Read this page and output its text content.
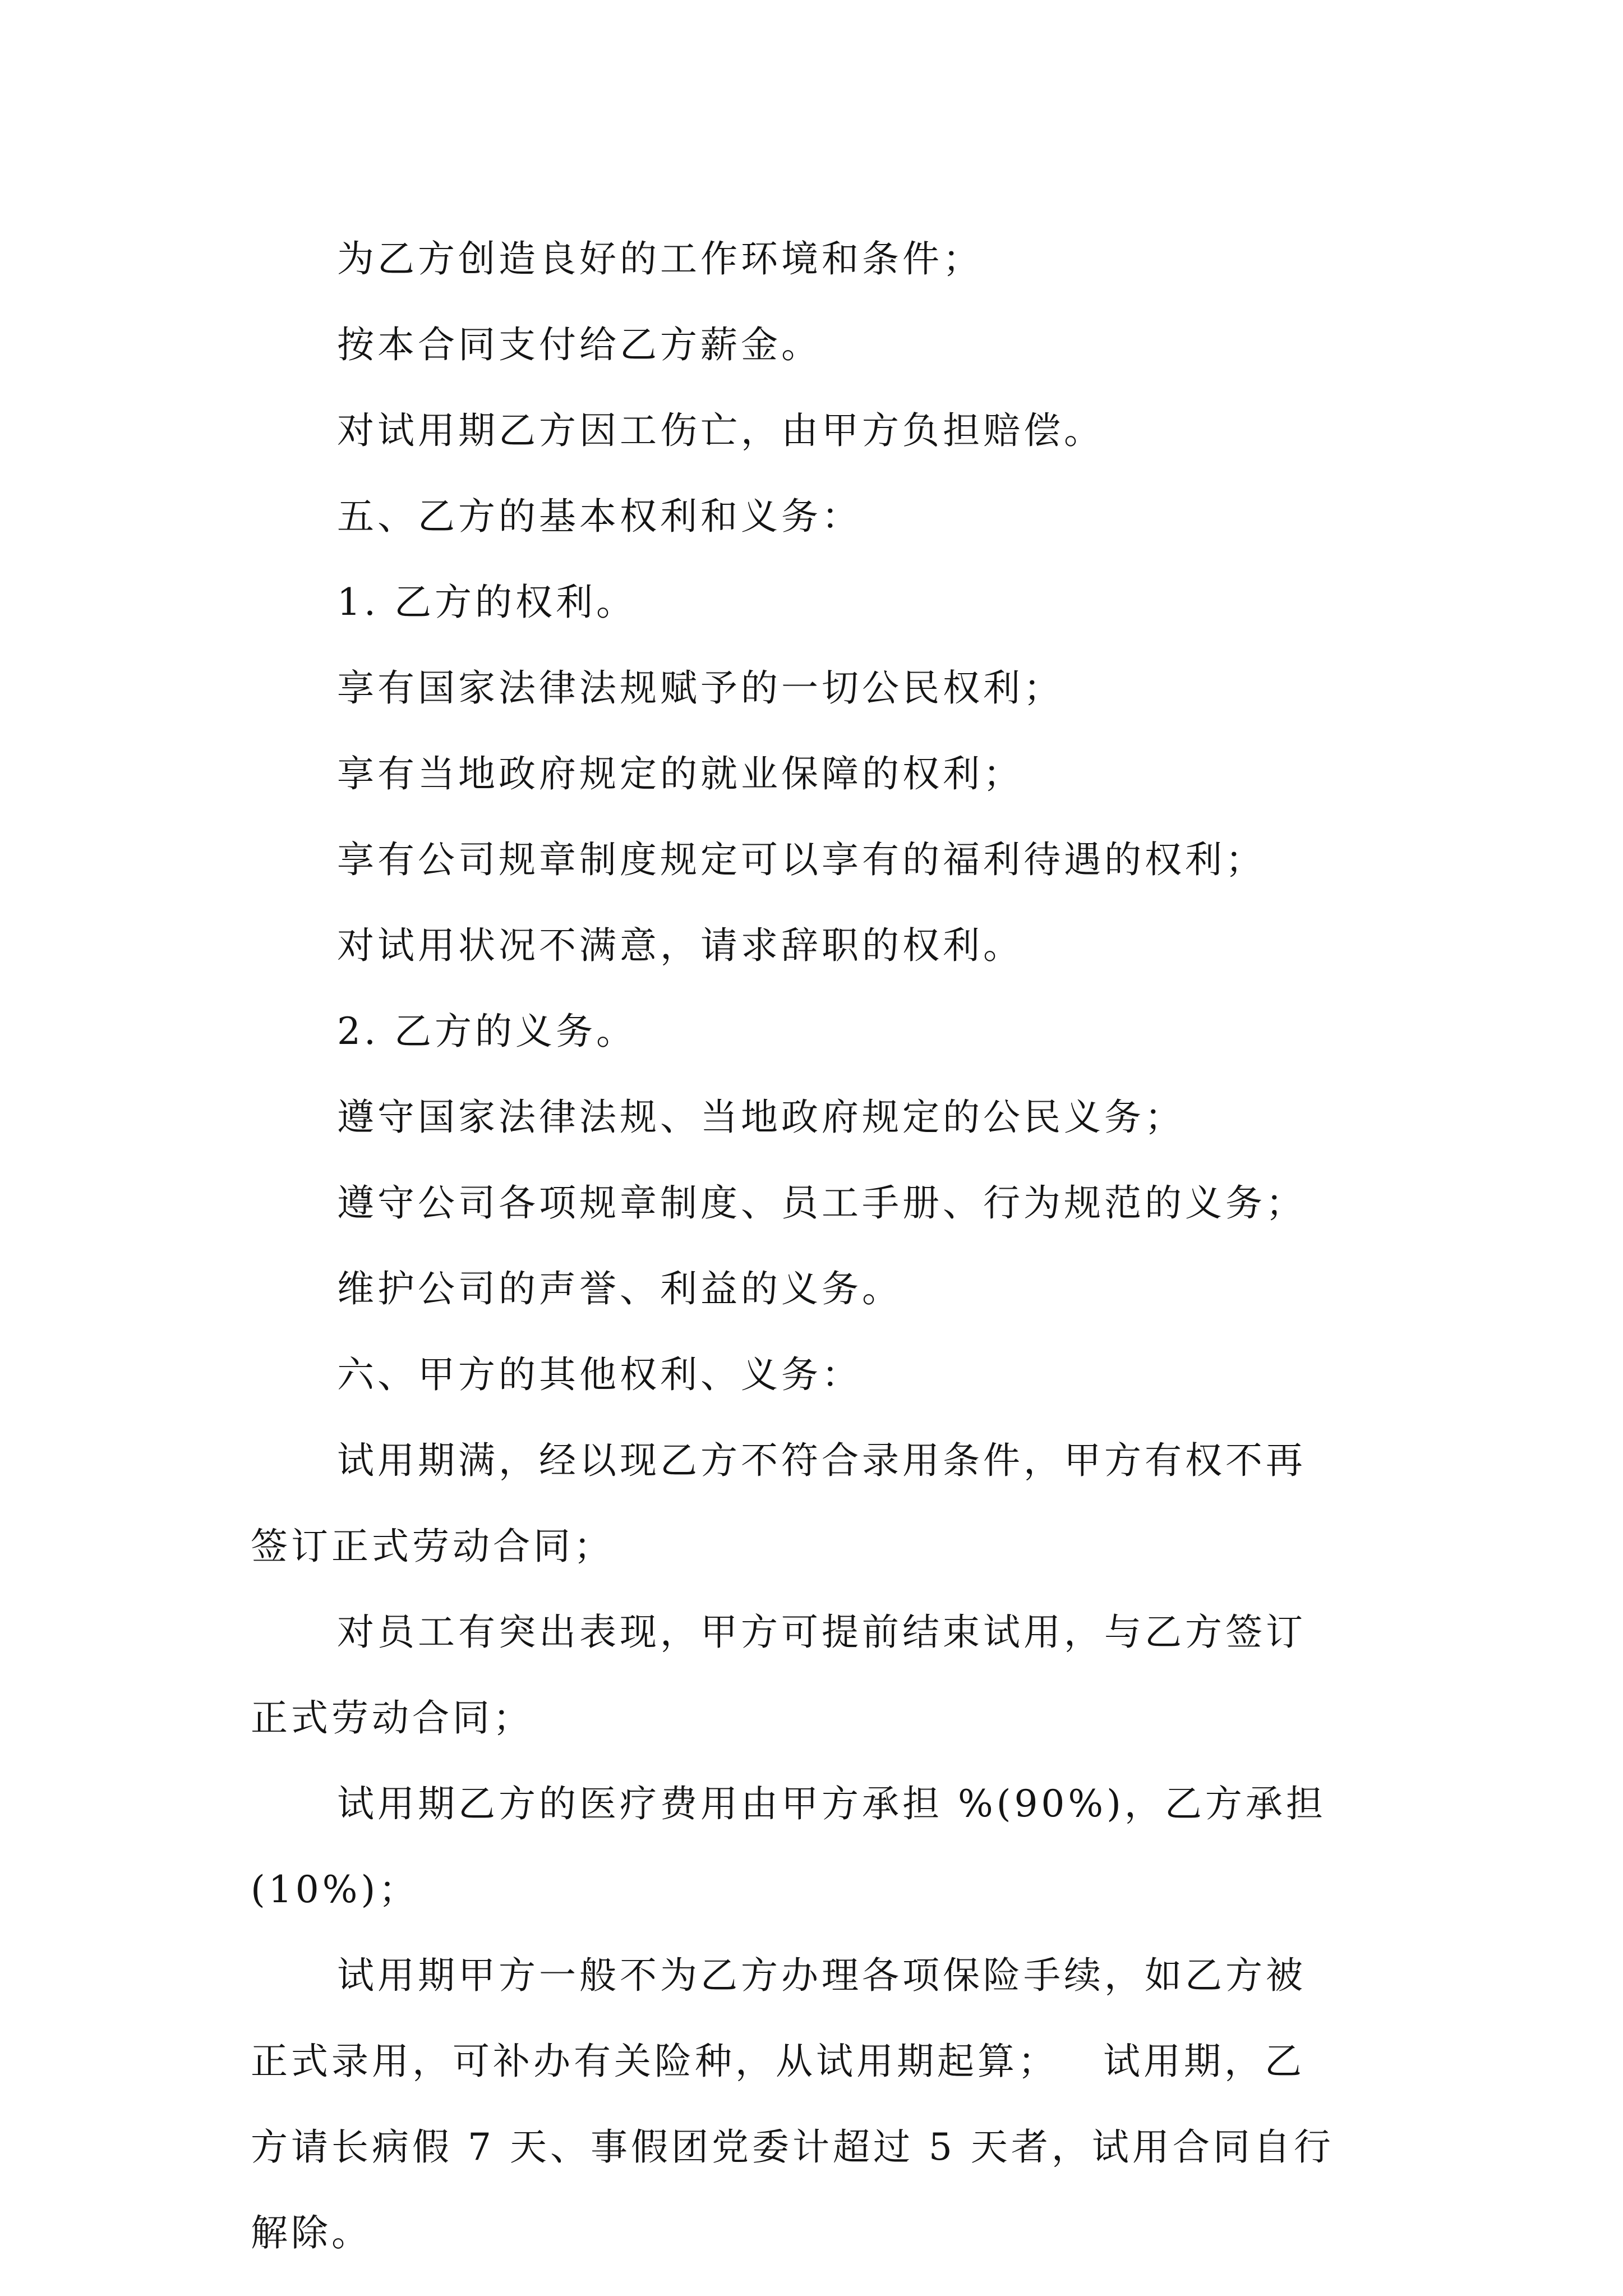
为乙方创造良好的工作环境和条件；
按本合同支付给乙方薪金。
对试用期乙方因工伤亡，由甲方负担赔偿。
五、乙方的基本权利和义务：
1. 乙方的权利。
享有国家法律法规赋予的一切公民权利；
享有当地政府规定的就业保障的权利；
享有公司规章制度规定可以享有的福利待遇的权利；
对试用状况不满意，请求辞职的权利。
2. 乙方的义务。
遵守国家法律法规、当地政府规定的公民义务；
遵守公司各项规章制度、员工手册、行为规范的义务；
维护公司的声誉、利益的义务。
六、甲方的其他权利、义务：
试用期满，经以现乙方不符合录用条件，甲方有权不再
签订正式劳动合同；
对员工有突出表现，甲方可提前结束试用，与乙方签订
正式劳动合同；
试用期乙方的医疗费用由甲方承担 %(90%)，乙方承担
(10%)；
试用期甲方一般不为乙方办理各项保险手续，如乙方被
正式录用，可补办有关险种，从试用期起算； 试用期，乙
方请长病假 7 天、事假团党委计超过 5 天者，试用合同自行
解除。
